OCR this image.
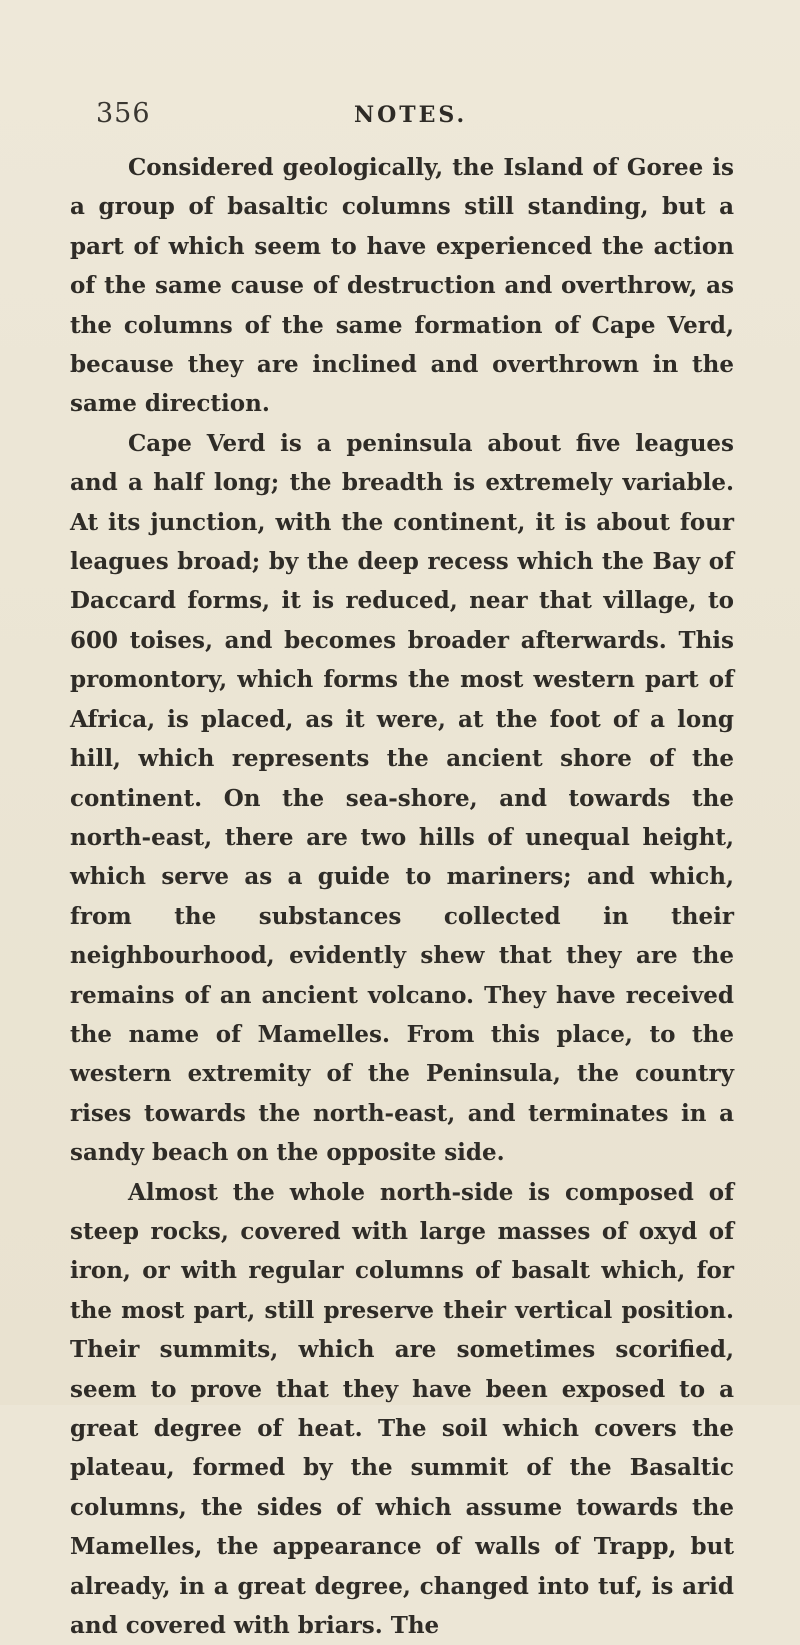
356	NOTES.

Considered geologically, the Island of Goree is a group of basaltic columns still standing, but a part of which seem to have experienced the action of the same cause of destruction and overthrow, as the columns of the same formation of Cape Verd, because they are inclined and overthrown in the same direction.

Cape Verd is a peninsula about five leagues and a half long; the breadth is extremely variable. At its junction, with the continent, it is about four leagues broad; by the deep recess which the Bay of Daccard forms, it is reduced, near that village, to 600 toises, and becomes broader afterwards. This promontory, which forms the most western part of Africa, is placed, as it were, at the foot of a long hill, which represents the ancient shore of the continent. On the sea-shore, and towards the north-east, there are two hills of unequal height, which serve as a guide to mariners; and which, from the substances collected in their neighbourhood, evidently shew that they are the remains of an ancient volcano. They have received the name of Mamelles. From this place, to the western extremity of the Peninsula, the country rises towards the north-east, and terminates in a sandy beach on the opposite side.

Almost the whole north-side is composed of steep rocks, covered with large masses of oxyd of iron, or with regular columns of basalt which, for the most part, still preserve their vertical position. Their summits, which are sometimes scorified, seem to prove that they have been exposed to a great degree of heat. The soil which covers the plateau, formed by the summit of the Basaltic columns, the sides of which assume towards the Mamelles, the appearance of walls of Trapp, but already, in a great degree, changed into tuf, is arid and covered with briars. The
